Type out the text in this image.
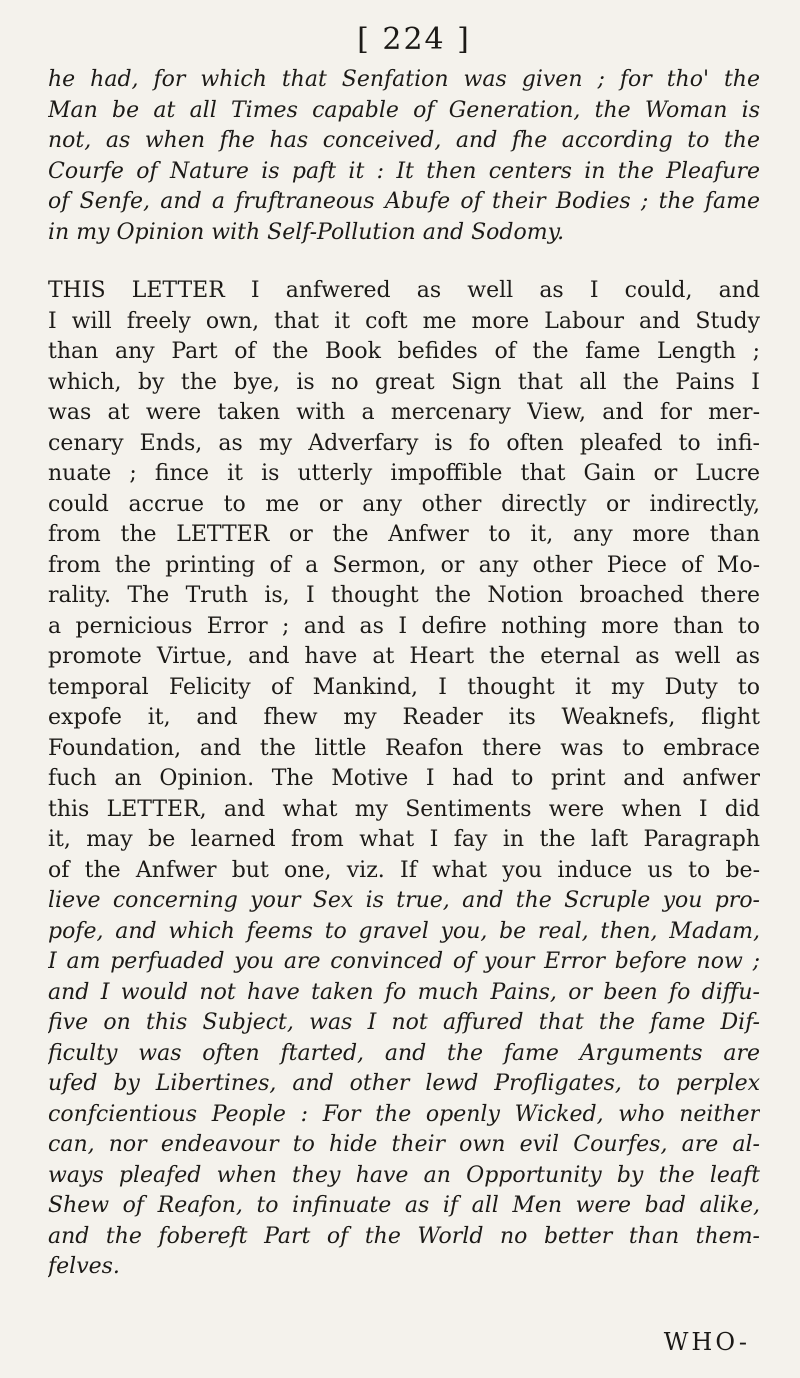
[ 224 ]
he had, for which that Senfation was given ; for tho' the
Man be at all Times capable of Generation, the Woman is
not, as when fhe has conceived, and fhe according to the
Courfe of Nature is paft it : It then centers in the Pleafure
of Senfe, and a fruftraneous Abufe of their Bodies ; the fame
in my Opinion with Self-Pollution and Sodomy.
THIS LETTER I anfwered as well as I could, and
I will freely own, that it coft me more Labour and Study
than any Part of the Book befides of the fame Length ;
which, by the bye, is no great Sign that all the Pains I
was at were taken with a mercenary View, and for mer-
cenary Ends, as my Adverfary is fo often pleafed to infi-
nuate ; fince it is utterly impoffible that Gain or Lucre
could accrue to me or any other directly or indirectly,
from the LETTER or the Anfwer to it, any more than
from the printing of a Sermon, or any other Piece of Mo-
rality. The Truth is, I thought the Notion broached there
a pernicious Error ; and as I defire nothing more than to
promote Virtue, and have at Heart the eternal as well as
temporal Felicity of Mankind, I thought it my Duty to
expofe it, and fhew my Reader its Weaknefs, flight
Foundation, and the little Reafon there was to embrace
fuch an Opinion. The Motive I had to print and anfwer
this LETTER, and what my Sentiments were when I did
it, may be learned from what I fay in the laft Paragraph
of the Anfwer but one, viz. If what you induce us to be-
lieve concerning your Sex is true, and the Scruple you pro-
pofe, and which feems to gravel you, be real, then, Madam,
I am perfuaded you are convinced of your Error before now ;
and I would not have taken fo much Pains, or been fo diffu-
five on this Subject, was I not affured that the fame Dif-
ficulty was often ftarted, and the fame Arguments are
ufed by Libertines, and other lewd Profligates, to perplex
confcientious People : For the openly Wicked, who neither
can, nor endeavour to hide their own evil Courfes, are al-
ways pleafed when they have an Opportunity by the leaft
Shew of Reafon, to infinuate as if all Men were bad alike,
and the fobereft Part of the World no better than them-
felves.
WHO-
